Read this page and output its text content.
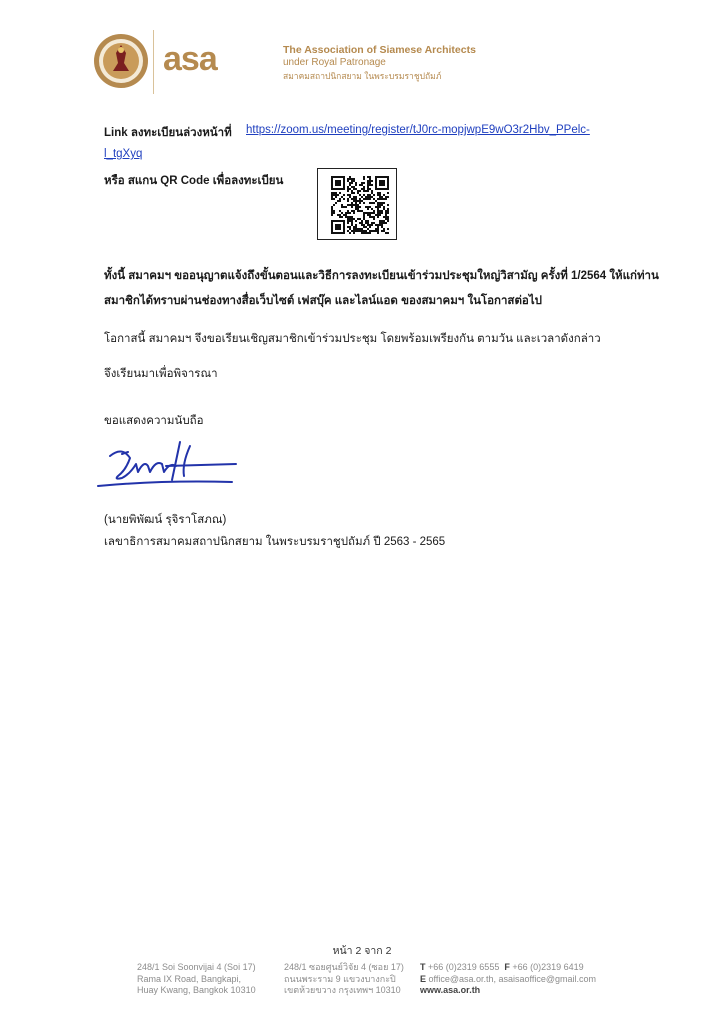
asa	The Association of Siamese Architects
under Royal Patronage
สมาคมสถาปนิกสยาม ในพระบรมราชูปถัมภ์
Link ลงทะเบียนล่วงหน้าที่ https://zoom.us/meeting/register/tJ0rc-mopjwpE9wO3r2Hbv_PPelc-
l_tgXyq
หรือ สแกน QR Code เพื่อลงทะเบียน
ทั้งนี้ สมาคมฯ ขออนุญาตแจ้งถึงขั้นตอนและวิธีการลงทะเบียนเข้าร่วมประชุมใหญ่วิสามัญ ครั้งที่ 1/2564 ให้แก่ท่าน
สมาชิกได้ทราบผ่านช่องทางสื่อเว็บไซต์ เฟสบุ๊ค และไลน์แอด ของสมาคมฯ ในโอกาสต่อไป
โอกาสนี้ สมาคมฯ จึงขอเรียนเชิญสมาชิกเข้าร่วมประชุม โดยพร้อมเพรียงกัน ตามวัน และเวลาดังกล่าว
จึงเรียนมาเพื่อพิจารณา
ขอแสดงความนับถือ
(นายพิพัฒน์ รุจิราโสภณ)
เลขาธิการสมาคมสถาปนิกสยาม ในพระบรมราชูปถัมภ์ ปี 2563 - 2565
หน้า 2 จาก 2
248/1 Soi Soonvijai 4 (Soi 17)
Rama IX Road, Bangkapi,
Huay Kwang, Bangkok 10310
248/1 ซอยศูนย์วิจัย 4 (ซอย 17)
ถนนพระราม 9 แขวงบางกะปิ
เขตห้วยขวาง กรุงเทพฯ 10310
T +66 (0)2319 6555 F +66 (0)2319 6419
E office@asa.or.th, asaisaoffice@gmail.com
www.asa.or.th
